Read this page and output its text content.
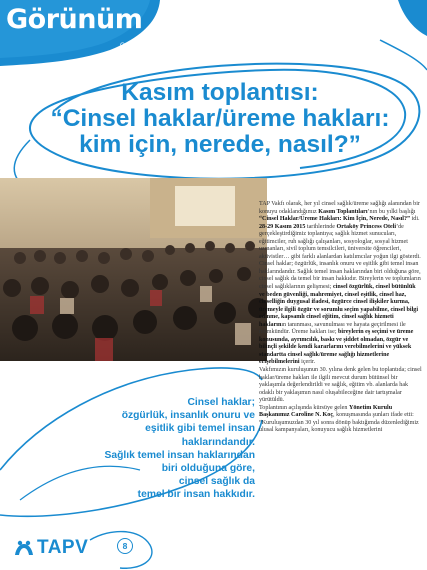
Görünüm
OCAK 2016
Kasım toplantısı:
“Cinsel haklar/üreme hakları:
kim için, nerede, nasıl?”
Cinsel haklar;
özgürlük, insanlık onuru ve
eşitlik gibi temel insan
haklarındandır.
Sağlık temel insan haklarından
biri olduğuna göre,
cinsel sağlık da
temel bir insan hakkıdır.

TAP Vakfı olarak, her yıl cinsel sağlık/üreme sağlığı alanından bir konuyu odaklandığımız Kasım Toplantıları’nın bu yılki başlığı “Cinsel Haklar/Üreme Hakları: Kim İçin, Nerede, Nasıl?” idi. 28-29 Kasım 2015 tarihlerinde Ortaköy Princess Oteli’de gerçekleştirdiğimiz toplantıya; sağlık hizmet sunucuları, eğitimciler, ruh sağlığı çalışanları, sosyologlar, sosyal hizmet uzmanları, sivil toplum temsilcileri, üniversite öğrencileri, aktivistler… gibi farklı alanlardan katılımcılar yoğun ilgi gösterdi.

Cinsel haklar; özgürlük, insanlık onuru ve eşitlik gibi temel insan haklarındandır. Sağlık temel insan haklarından biri olduğuna göre, cinsel sağlık da temel bir insan hakkıdır. Bireylerin ve toplumların cinsel sağlıklarının gelişmesi; cinsel özgürlük, cinsel bütünlük ve beden güvenliği, mahremiyet, cinsel eşitlik, cinsel haz, cinselliğin duygusal ifadesi, özgürce cinsel ilişkiler kurma, üremeyle ilgili özgür ve sorumlu seçim yapabilme, cinsel bilgi edinme, kapsamlı cinsel eğitim, cinsel sağlık hizmeti haklarının tanınması, savunulması ve hayata geçirilmesi ile mümkündür. Üreme hakları ise; bireylerin eş seçimi ve üreme konusunda, ayrımcılık, baskı ve şiddet olmadan, özgür ve bilinçli şekilde kendi kararlarını verebilmelerini ve yüksek standartta cinsel sağlık/üreme sağlığı hizmetlerine erişebilmelerini içerir.

Vakfımızın kuruluşunun 30. yılına denk gelen bu toplantıda; cinsel haklar/üreme hakları ile ilgili mevcut durum bütünsel bir yaklaşımla değerlendirildi ve sağlık, eğitim vb. alanlarda hak odaklı bir yaklaşımın nasıl oluşabileceğine dair tartışmalar yürütüldü.

Toplantının açılışında kürsüye gelen Yönetim Kurulu Başkanımız Caroline N. Koç, konuşmasında şunları ifade etti:
“Kuruluşumuzdan 30 yıl sonra dönüp baktığımda düzenlediğimiz ulusal kampanyaları, konuyucu sağlık hizmetlerini

TAPV	8
